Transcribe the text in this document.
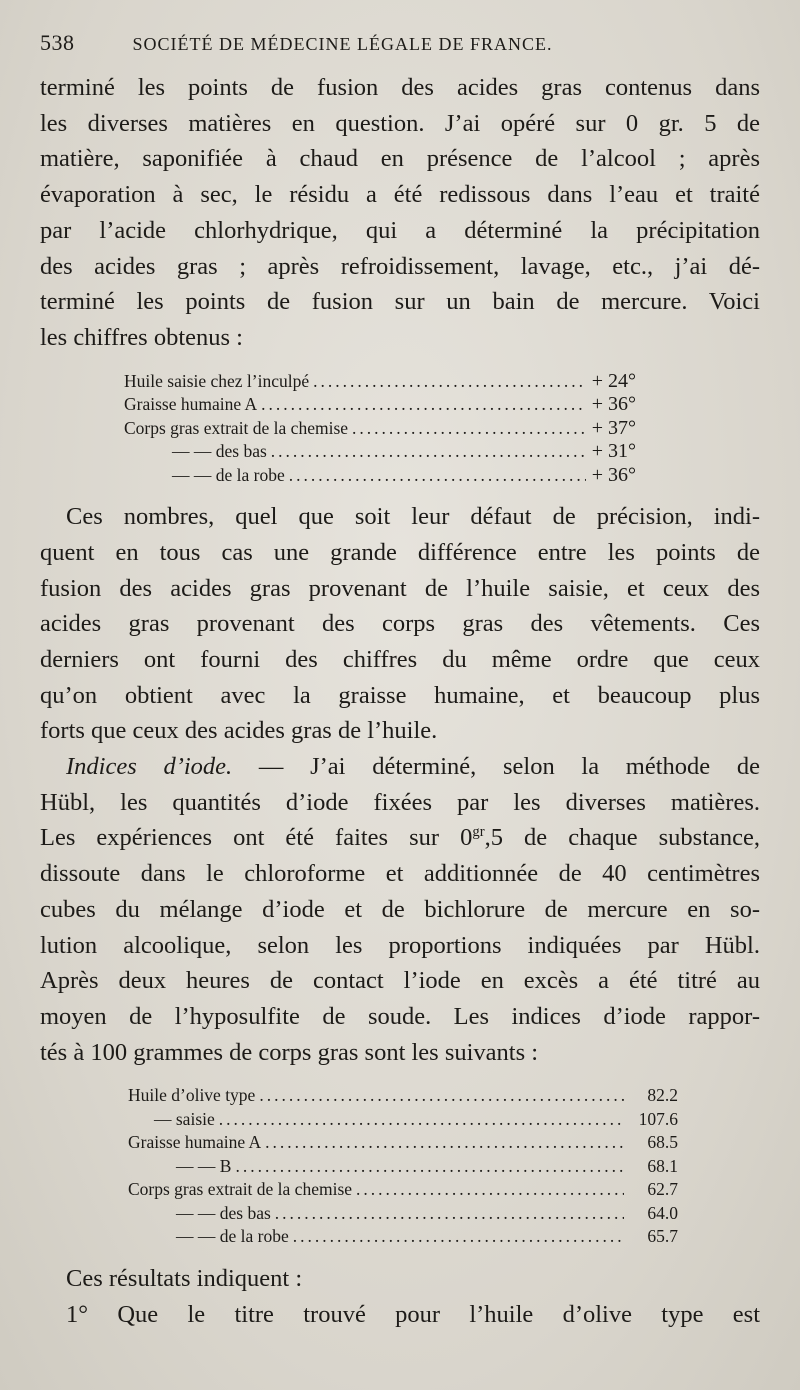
538	SOCIÉTÉ DE MÉDECINE LÉGALE DE FRANCE.

terminé les points de fusion des acides gras contenus dans
les diverses matières en question. J’ai opéré sur 0 gr. 5 de
matière, saponifiée à chaud en présence de l’alcool ; après
évaporation à sec, le résidu a été redissous dans l’eau et traité
par l’acide chlorhydrique, qui a déterminé la précipitation
des acides gras ; après refroidissement, lavage, etc., j’ai dé-
terminé les points de fusion sur un bain de mercure. Voici
les chiffres obtenus :

Huile saisie chez l’inculpé .....	+ 24°
Graisse humaine A .....	+ 36°
Corps gras extrait de la chemise .....	+ 37°
— — des bas .....	+ 31°
— — de la robe .....	+ 36°

Ces nombres, quel que soit leur défaut de précision, indi-
quent en tous cas une grande différence entre les points de
fusion des acides gras provenant de l’huile saisie, et ceux des
acides gras provenant des corps gras des vêtements. Ces
derniers ont fourni des chiffres du même ordre que ceux
qu’on obtient avec la graisse humaine, et beaucoup plus
forts que ceux des acides gras de l’huile.

Indices d’iode. — J’ai déterminé, selon la méthode de
Hübl, les quantités d’iode fixées par les diverses matières.
Les expériences ont été faites sur $0^{gr},5$ de chaque substance,
dissoute dans le chloroforme et additionnée de 40 centimètres
cubes du mélange d’iode et de bichlorure de mercure en so-
lution alcoolique, selon les proportions indiquées par Hübl.
Après deux heures de contact l’iode en excès a été titré au
moyen de l’hyposulfite de soude. Les indices d’iode rappor-
tés à 100 grammes de corps gras sont les suivants :

Huile d’olive type .....	82.2
— saisie .....	107.6
Graisse humaine A .....	68.5
— — B .....	68.1
Corps gras extrait de la chemise .....	62.7
— — des bas .....	64.0
— — de la robe .....	65.7

Ces résultats indiquent :
1° Que le titre trouvé pour l’huile d’olive type est
